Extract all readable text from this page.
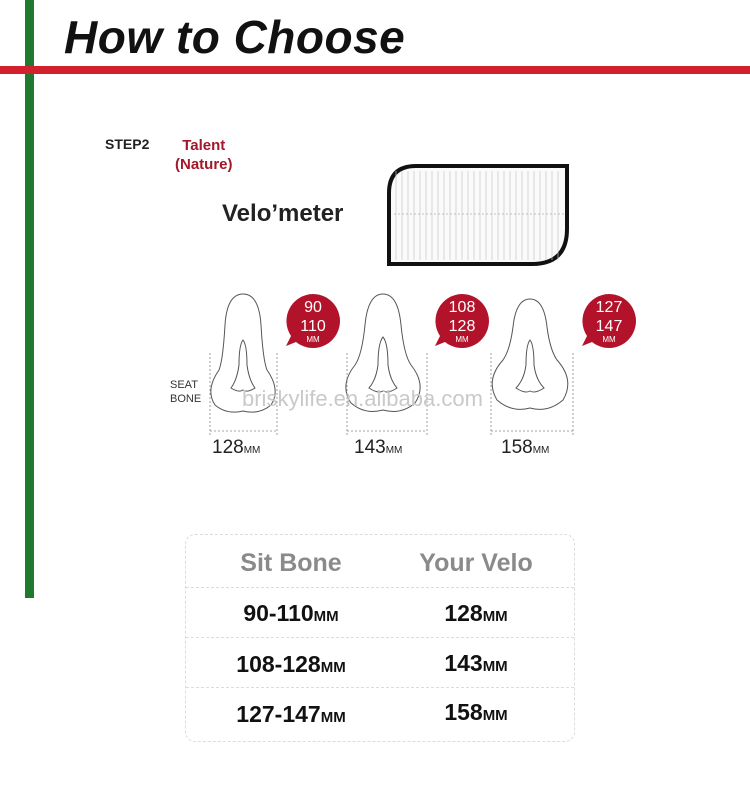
How to Choose
STEP2	Talent
(Nature)
Velo’meter
SEAT
BONE brisky​life.en.alibaba.com
90
110
MM
108
128
MM
127
147
MM
128MM	143MM	158MM
Sit Bone	Your Velo
90-110MM	128MM
108-128MM	143MM
127-147MM	158MM
